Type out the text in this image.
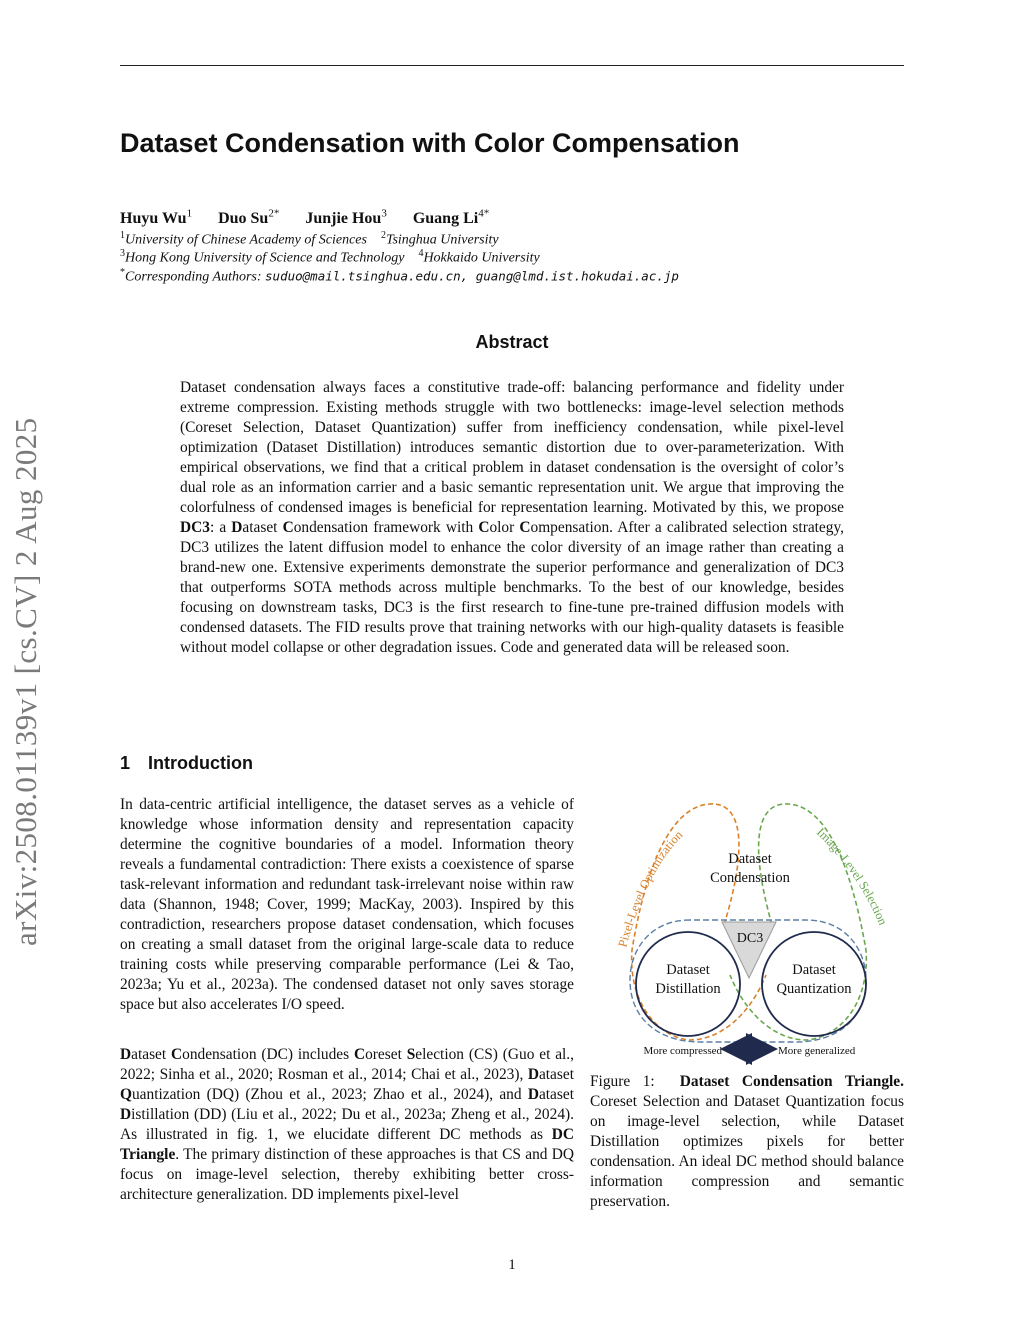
arXiv:2508.01139v1 [cs.CV] 2 Aug 2025
Dataset Condensation with Color Compensation
Huyu Wu$^1$ Duo $Su^{2*}$ Junjie Hou$^3$ Guang $Li^{4*}$
$^1$University of Chinese Academy of Sciences $^2$Tsinghua University
$^3$Hong Kong University of Science and Technology $^4$Hokkaido University
*Corresponding Authors: suduo@mail.tsinghua.edu.cn, guang@lmd.ist.hokudai.ac.jp
Abstract

Dataset condensation always faces a constitutive trade-off: balancing performance and fidelity under extreme compression. Existing methods struggle with two bottlenecks: image-level selection methods (Coreset Selection, Dataset Quantization) suffer from inefficiency condensation, while pixel-level optimization (Dataset Distillation) introduces semantic distortion due to over-parameterization. With empirical observations, we find that a critical problem in dataset condensation is the oversight of color’s dual role as an information carrier and a basic semantic representation unit. We argue that improving the colorfulness of condensed images is beneficial for representation learning. Motivated by this, we propose DC3: a Dataset Condensation framework with Color Compensation. After a calibrated selection strategy, DC3 utilizes the latent diffusion model to enhance the color diversity of an image rather than creating a brand-new one. Extensive experiments demonstrate the superior performance and generalization of DC3 that outperforms SOTA methods across multiple benchmarks. To the best of our knowledge, besides focusing on downstream tasks, DC3 is the first research to fine-tune pre-trained diffusion models with condensed datasets. The FID results prove that training networks with our high-quality datasets is feasible without model collapse or other degradation issues. Code and generated data will be released soon.

1 Introduction

In data-centric artificial intelligence, the dataset serves as a vehicle of knowledge whose information density and representation capacity determine the cognitive boundaries of a model. Information theory reveals a fundamental contradiction: There exists a coexistence of sparse task-relevant information and redundant task-irrelevant noise within raw data (Shannon, 1948; Cover, 1999; MacKay, 2003). Inspired by this contradiction, researchers propose dataset condensation, which focuses on creating a small dataset from the original large-scale data to reduce training costs while preserving comparable performance (Lei & Tao, 2023a; Yu et al., 2023a). The condensed dataset not only saves storage space but also accelerates I/O speed.

Dataset Condensation (DC) includes Coreset Selection (CS) (Guo et al., 2022; Sinha et al., 2020; Rosman et al., 2014; Chai et al., 2023), Dataset Quantization (DQ) (Zhou et al., 2023; Zhao et al., 2024), and Dataset Distillation (DD) (Liu et al., 2022; Du et al., 2023a; Zheng et al., 2024). As illustrated in fig. 1, we elucidate different DC methods as DC Triangle. The primary distinction of these approaches is that CS and DQ focus on image-level selection, thereby exhibiting better cross-architecture generalization. DD implements pixel-level

Dataset
Condensation
Dataset
Distillation
Dataset
Quantization
DC3
Pixel-Level Optimization	Image-Level Selection
More compressed	More generalized

Figure 1: Dataset Condensation Triangle. Coreset Selection and Dataset Quantization focus on image-level selection, while Dataset Distillation optimizes pixels for better condensation. An ideal DC method should balance information compression and semantic preservation.

1
